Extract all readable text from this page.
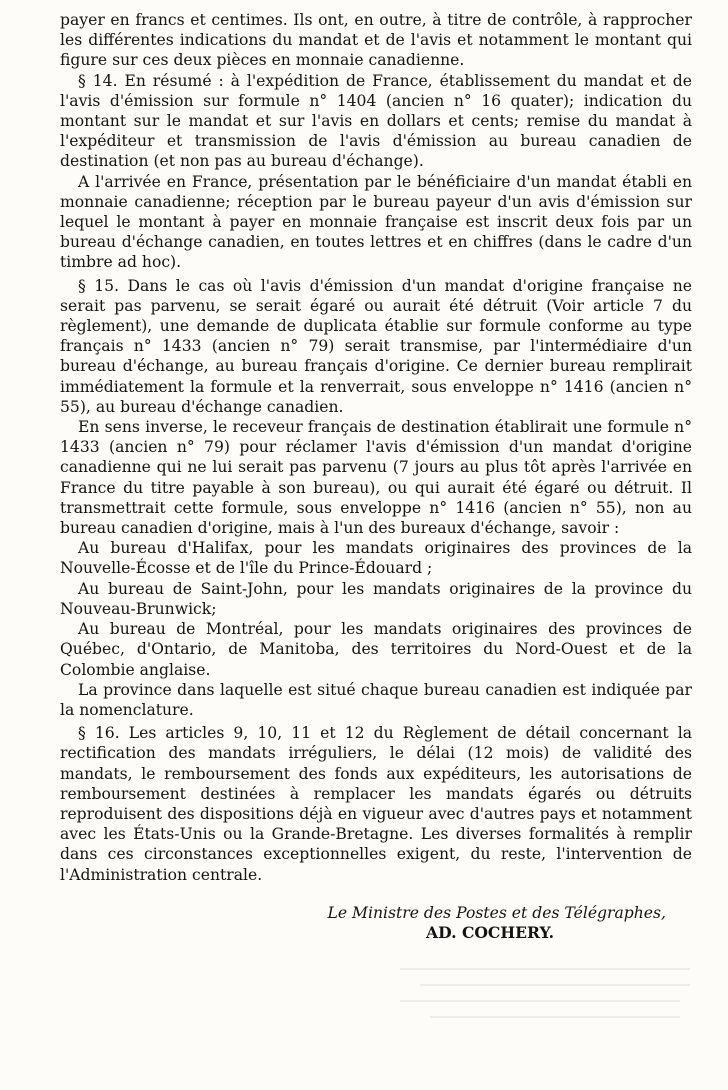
payer en francs et centimes. Ils ont, en outre, à titre de contrôle, à rapprocher les différentes indications du mandat et de l'avis et notamment le montant qui figure sur ces deux pièces en monnaie canadienne.

§ 14. En résumé : à l'expédition de France, établissement du mandat et de l'avis d'émission sur formule n° 1404 (ancien n° 16 quater); indication du montant sur le mandat et sur l'avis en dollars et cents; remise du mandat à l'expéditeur et transmission de l'avis d'émission au bureau canadien de destination (et non pas au bureau d'échange).

A l'arrivée en France, présentation par le bénéficiaire d'un mandat établi en monnaie canadienne; réception par le bureau payeur d'un avis d'émission sur lequel le montant à payer en monnaie française est inscrit deux fois par un bureau d'échange canadien, en toutes lettres et en chiffres (dans le cadre d'un timbre ad hoc).

§ 15. Dans le cas où l'avis d'émission d'un mandat d'origine française ne serait pas parvenu, se serait égaré ou aurait été détruit (Voir article 7 du règlement), une demande de duplicata établie sur formule conforme au type français n° 1433 (ancien n° 79) serait transmise, par l'intermédiaire d'un bureau d'échange, au bureau français d'origine. Ce dernier bureau remplirait immédiatement la formule et la renverrait, sous enveloppe n° 1416 (ancien n° 55), au bureau d'échange canadien.

En sens inverse, le receveur français de destination établirait une formule n° 1433 (ancien n° 79) pour réclamer l'avis d'émission d'un mandat d'origine canadienne qui ne lui serait pas parvenu (7 jours au plus tôt après l'arrivée en France du titre payable à son bureau), ou qui aurait été égaré ou détruit. Il transmettrait cette formule, sous enveloppe n° 1416 (ancien n° 55), non au bureau canadien d'origine, mais à l'un des bureaux d'échange, savoir :

Au bureau d'Halifax, pour les mandats originaires des provinces de la Nouvelle-Écosse et de l'île du Prince-Édouard ;

Au bureau de Saint-John, pour les mandats originaires de la province du Nouveau-Brunwick;

Au bureau de Montréal, pour les mandats originaires des provinces de Québec, d'Ontario, de Manitoba, des territoires du Nord-Ouest et de la Colombie anglaise.

La province dans laquelle est situé chaque bureau canadien est indiquée par la nomenclature.

§ 16. Les articles 9, 10, 11 et 12 du Règlement de détail concernant la rectification des mandats irréguliers, le délai (12 mois) de validité des mandats, le remboursement des fonds aux expéditeurs, les autorisations de remboursement destinées à remplacer les mandats égarés ou détruits reproduisent des dispositions déjà en vigueur avec d'autres pays et notamment avec les États-Unis ou la Grande-Bretagne. Les diverses formalités à remplir dans ces circonstances exceptionnelles exigent, du reste, l'intervention de l'Administration centrale.

Le Ministre des Postes et des Télégraphes,
AD. COCHERY.
